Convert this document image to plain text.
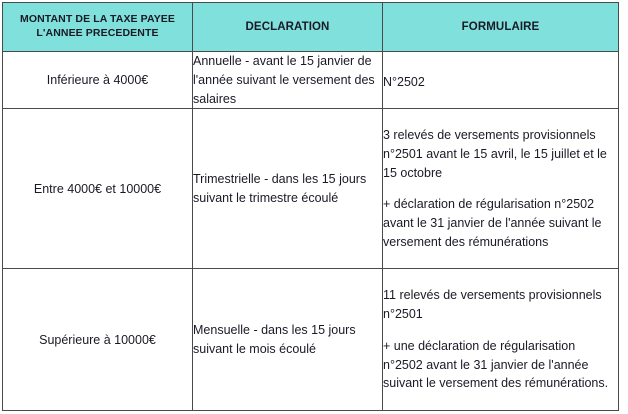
MONTANT DE LA TAXE PAYEE L'ANNEE PRECEDENTE	DECLARATION	FORMULAIRE
Inférieure à 4000€	Annuelle - avant le 15 janvier de l'année suivant le versement des salaires	N°2502

Entre 4000€ et 10000€	Trimestrielle - dans les 15 jours suivant le trimestre écoulé	3 relevés de versements provisionnels n°2501 avant le 15 avril, le 15 juillet et le 15 octobre

+ déclaration de régularisation n°2502 avant le 31 janvier de l'année suivant le versement des rémunérations

Supérieure à 10000€	Mensuelle - dans les 15 jours suivant le mois écoulé	11 relevés de versements provisionnels n°2501

+ une déclaration de régularisation n°2502 avant le 31 janvier de l'année suivant le versement des rémunérations.
